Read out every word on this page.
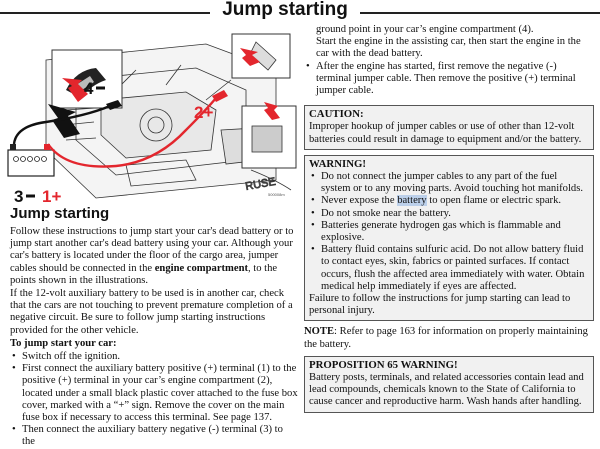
Jump starting
RUSE
4
2+
3 1+	500008m
Jump starting

Follow these instructions to jump start your car's dead battery or to jump start another car's dead battery using your car. Although your car's battery is located under the floor of the cargo area, jumper cables should be connected in the engine compartment, to the points shown in the illustrations.

If the 12-volt auxiliary battery to be used is in another car, check that the cars are not touching to prevent premature completion of a negative circuit. Be sure to follow jump starting instructions provided for the other vehicle.

To jump start your car:

• Switch off the ignition.
• First connect the auxiliary battery positive (+) terminal (1) to the positive (+) terminal in your car’s engine compartment (2), located under a small black plastic cover attached to the fuse box cover, marked with a “+” sign. Remove the cover on the main fuse box if necessary to access this terminal. See page 137.
• Then connect the auxiliary battery negative (-) terminal (3) to the

ground point in your car’s engine compartment (4).

Start the engine in the assisting car, then start the engine in the car with the dead battery.

• After the engine has started, first remove the negative (-) terminal jumper cable. Then remove the positive (+) terminal jumper cable.
CAUTION:
Improper hookup of jumper cables or use of other than 12-volt batteries could result in damage to equipment and/or the battery.
WARNING!
• Do not connect the jumper cables to any part of the fuel system or to any moving parts. Avoid touching hot manifolds.
• Never expose the battery to open flame or electric spark.
• Do not smoke near the battery.
• Batteries generate hydrogen gas which is flammable and explosive.
• Battery fluid contains sulfuric acid. Do not allow battery fluid to contact eyes, skin, fabrics or painted surfaces. If contact occurs, flush the affected area immediately with water. Obtain medical help immediately if eyes are affected.
Failure to follow the instructions for jump starting can lead to personal injury.

NOTE: Refer to page 163 for information on properly maintaining the battery.

PROPOSITION 65 WARNING!
Battery posts, terminals, and related accessories contain lead and lead compounds, chemicals known to the State of California to cause cancer and reproductive harm. Wash hands after handling.
